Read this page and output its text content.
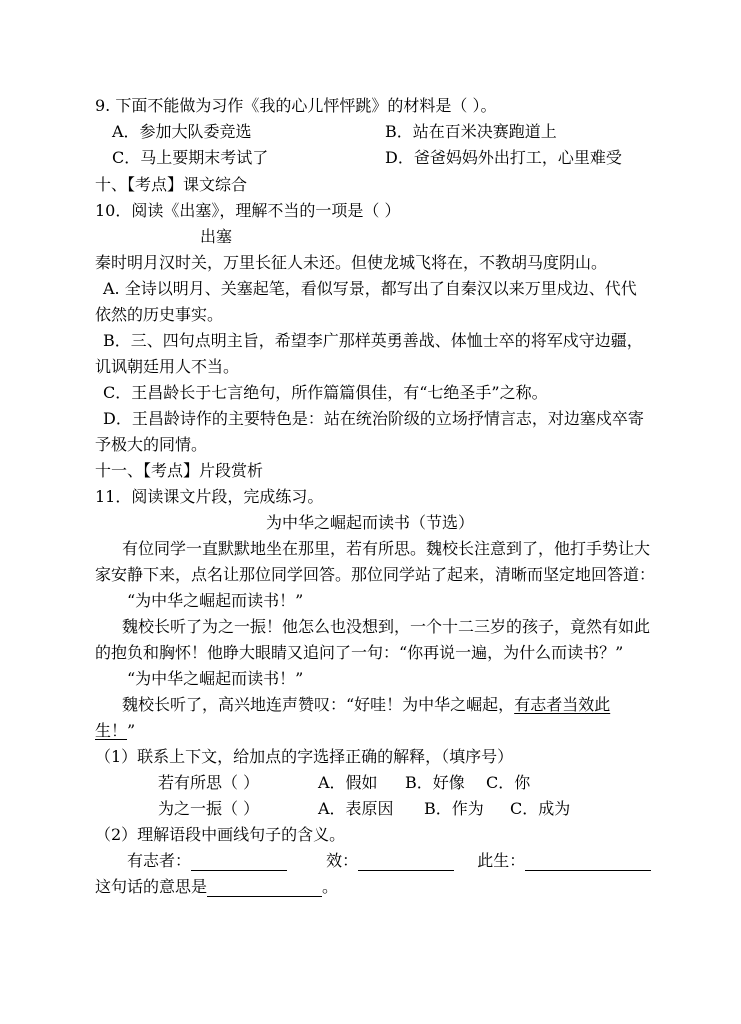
9. 下面不能做为习作《我的心儿怦怦跳》的材料是（ ）。
A．参加大队委竞选	B．站在百米决赛跑道上
C．马上要期末考试了	D．爸爸妈妈外出打工，心里难受
十、【考点】课文综合
10．阅读《出塞》，理解不当的一项是（ ）
出塞
秦时明月汉时关，万里长征人未还。但使龙城飞将在，不教胡马度阴山。
A. 全诗以明月、关塞起笔，看似写景，都写出了自秦汉以来万里戍边、代代
依然的历史事实。
B．三、四句点明主旨，希望李广那样英勇善战、体恤士卒的将军戍守边疆，
讥讽朝廷用人不当。
C．王昌龄长于七言绝句，所作篇篇俱佳，有“七绝圣手”之称。
D．王昌龄诗作的主要特色是：站在统治阶级的立场抒情言志，对边塞戍卒寄
予极大的同情。
十一、【考点】片段赏析
11．阅读课文片段，完成练习。
为中华之崛起而读书（节选）
有位同学一直默默地坐在那里，若有所思。魏校长注意到了，他打手势让大
家安静下来，点名让那位同学回答。那位同学站了起来，清晰而坚定地回答道：
“为中华之崛起而读书！”
魏校长听了为之一振！他怎么也没想到，一个十二三岁的孩子，竟然有如此
的抱负和胸怀！他睁大眼睛又追问了一句：“你再说一遍，为什么而读书？”
“为中华之崛起而读书！”
魏校长听了，高兴地连声赞叹：“好哇！为中华之崛起，有志者当效此
生！”
（1）联系上下文，给加点的字选择正确的解释，（填序号）
若有所思（ ）	A．假如 B．好像 C．你
为之一振（ ）	A．表原因 B．作为 C．成为
（2）理解语段中画线句子的含义。
有志者：	效：	此生：
这句话的意思是	。
